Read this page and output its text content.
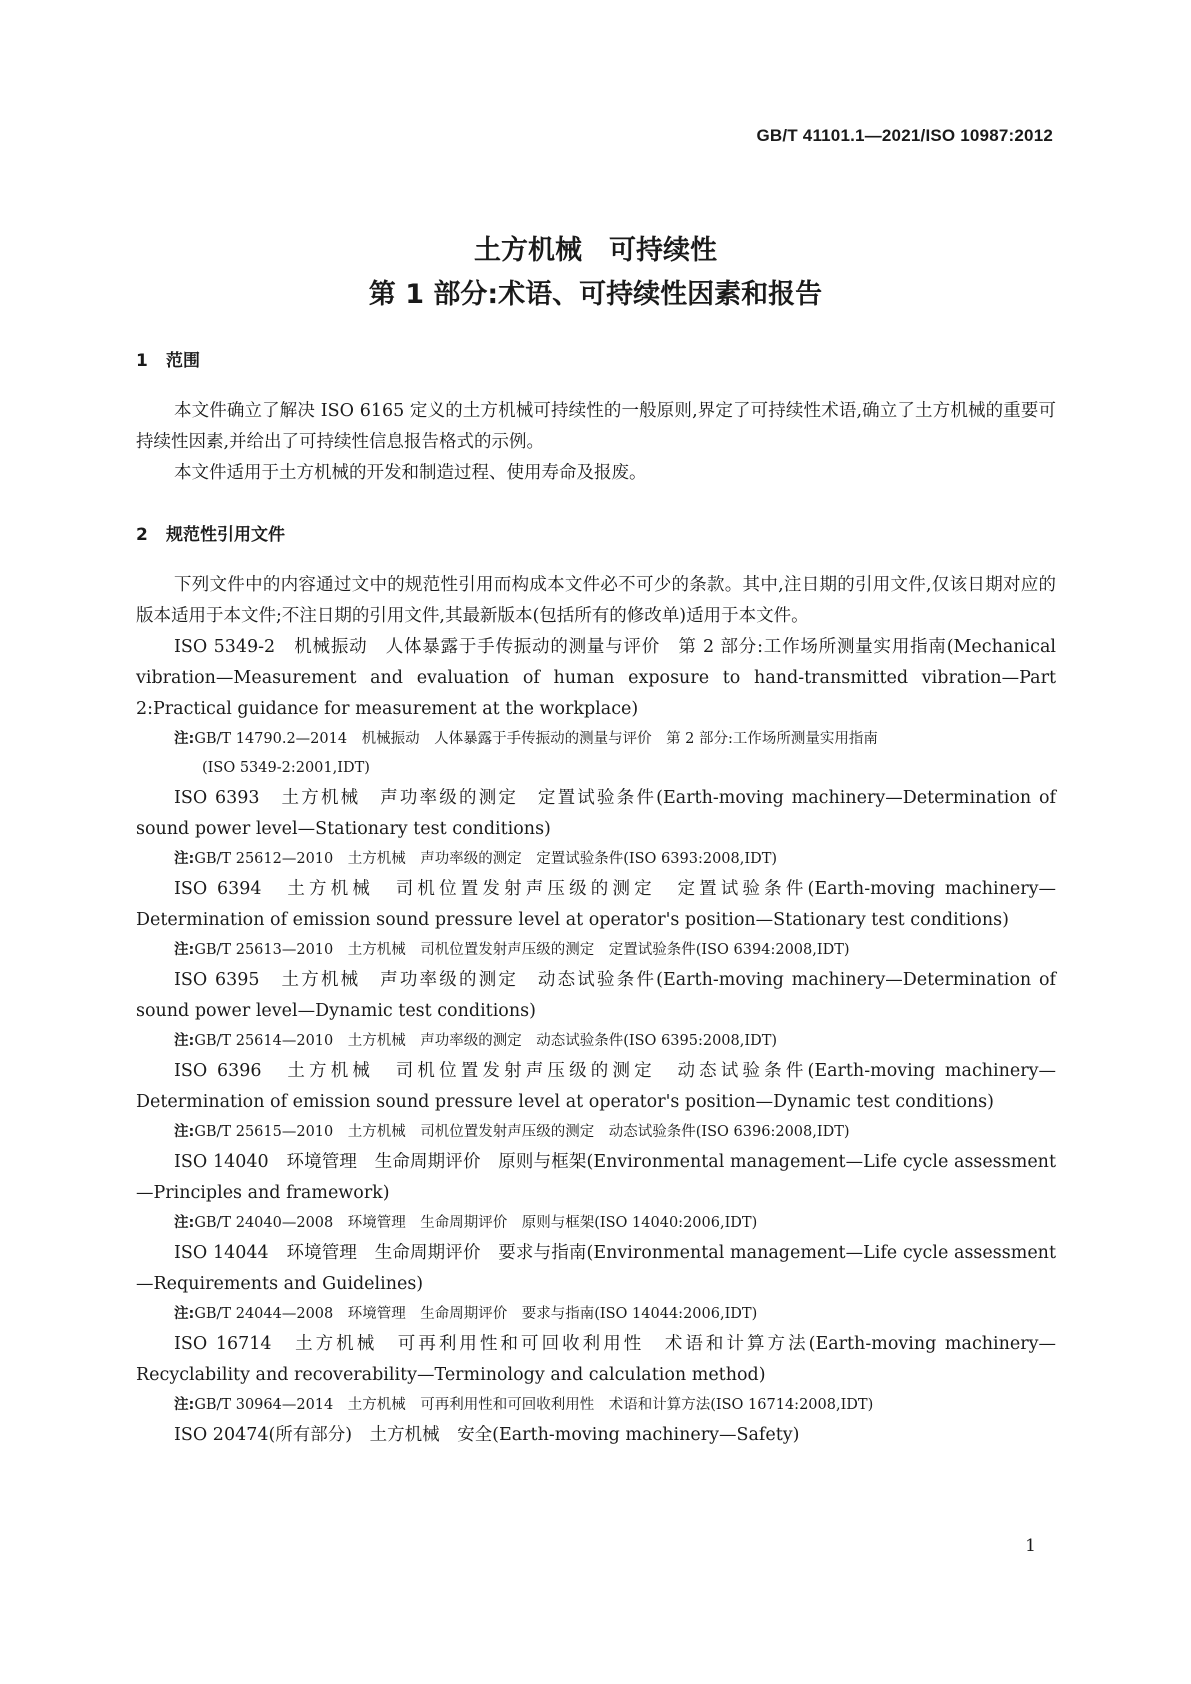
GB/T 41101.1—2021/ISO 10987:2012
土方机械　可持续性
第 1 部分:术语、可持续性因素和报告
1 范围

本文件确立了解决 ISO 6165 定义的土方机械可持续性的一般原则,界定了可持续性术语,确立了土方机械的重要可持续性因素,并给出了可持续性信息报告格式的示例。

本文件适用于土方机械的开发和制造过程、使用寿命及报废。

2 规范性引用文件

下列文件中的内容通过文中的规范性引用而构成本文件必不可少的条款。其中,注日期的引用文件,仅该日期对应的版本适用于本文件;不注日期的引用文件,其最新版本(包括所有的修改单)适用于本文件。

ISO 5349-2　机械振动　人体暴露于手传振动的测量与评价　第 2 部分:工作场所测量实用指南(Mechanical vibration—Measurement and evaluation of human exposure to hand-transmitted vibration—Part 2:Practical guidance for measurement at the workplace)

注:GB/T 14790.2—2014　机械振动　人体暴露于手传振动的测量与评价　第 2 部分:工作场所测量实用指南
(ISO 5349-2:2001,IDT)

ISO 6393　土方机械　声功率级的测定　定置试验条件(Earth-moving machinery—Determination of sound power level—Stationary test conditions)

注:GB/T 25612—2010　土方机械　声功率级的测定　定置试验条件(ISO 6393:2008,IDT)

ISO 6394　土方机械　司机位置发射声压级的测定　定置试验条件(Earth-moving machinery—Determination of emission sound pressure level at operator's position—Stationary test conditions)

注:GB/T 25613—2010　土方机械　司机位置发射声压级的测定　定置试验条件(ISO 6394:2008,IDT)

ISO 6395　土方机械　声功率级的测定　动态试验条件(Earth-moving machinery—Determination of sound power level—Dynamic test conditions)

注:GB/T 25614—2010　土方机械　声功率级的测定　动态试验条件(ISO 6395:2008,IDT)

ISO 6396　土方机械　司机位置发射声压级的测定　动态试验条件(Earth-moving machinery—Determination of emission sound pressure level at operator's position—Dynamic test conditions)

注:GB/T 25615—2010　土方机械　司机位置发射声压级的测定　动态试验条件(ISO 6396:2008,IDT)

ISO 14040　环境管理　生命周期评价　原则与框架(Environmental management—Life cycle assessment—Principles and framework)

注:GB/T 24040—2008　环境管理　生命周期评价　原则与框架(ISO 14040:2006,IDT)

ISO 14044　环境管理　生命周期评价　要求与指南(Environmental management—Life cycle assessment—Requirements and Guidelines)

注:GB/T 24044—2008　环境管理　生命周期评价　要求与指南(ISO 14044:2006,IDT)

ISO 16714　土方机械　可再利用性和可回收利用性　术语和计算方法(Earth-moving machinery—Recyclability and recoverability—Terminology and calculation method)

注:GB/T 30964—2014　土方机械　可再利用性和可回收利用性　术语和计算方法(ISO 16714:2008,IDT)

ISO 20474(所有部分)　土方机械　安全(Earth-moving machinery—Safety)

1
